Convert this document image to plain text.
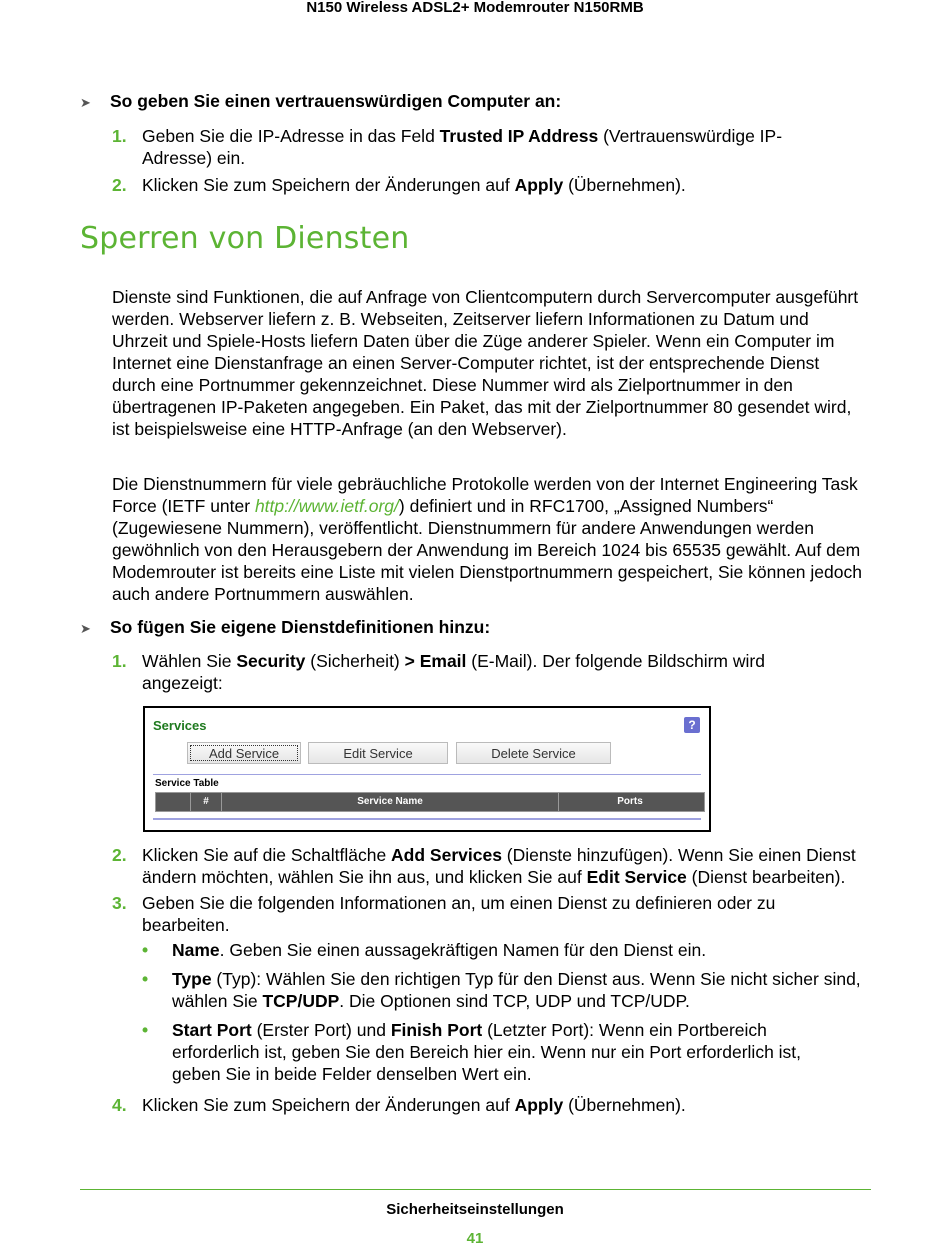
N150 Wireless ADSL2+ Modemrouter N150RMB
➤ So geben Sie einen vertrauenswürdigen Computer an:
1. Geben Sie die IP-Adresse in das Feld Trusted IP Address (Vertrauenswürdige IP-Adresse) ein.
2. Klicken Sie zum Speichern der Änderungen auf Apply (Übernehmen).
Sperren von Diensten
Dienste sind Funktionen, die auf Anfrage von Clientcomputern durch Servercomputer ausgeführt werden. Webserver liefern z. B. Webseiten, Zeitserver liefern Informationen zu Datum und Uhrzeit und Spiele-Hosts liefern Daten über die Züge anderer Spieler. Wenn ein Computer im Internet eine Dienstanfrage an einen Server-Computer richtet, ist der entsprechende Dienst durch eine Portnummer gekennzeichnet. Diese Nummer wird als Zielportnummer in den übertragenen IP-Paketen angegeben. Ein Paket, das mit der Zielportnummer 80 gesendet wird, ist beispielsweise eine HTTP-Anfrage (an den Webserver).
Die Dienstnummern für viele gebräuchliche Protokolle werden von der Internet Engineering Task Force (IETF unter http://www.ietf.org/) definiert und in RFC1700, „Assigned Numbers“ (Zugewiesene Nummern), veröffentlicht. Dienstnummern für andere Anwendungen werden gewöhnlich von den Herausgebern der Anwendung im Bereich 1024 bis 65535 gewählt. Auf dem Modemrouter ist bereits eine Liste mit vielen Dienstportnummern gespeichert, Sie können jedoch auch andere Portnummern auswählen.
➤ So fügen Sie eigene Dienstdefinitionen hinzu:
1. Wählen Sie Security (Sicherheit) > Email (E-Mail). Der folgende Bildschirm wird angezeigt:
Services	?
Add Service	Edit Service	Delete Service
Service Table
#	Service Name	Ports
2. Klicken Sie auf die Schaltfläche Add Services (Dienste hinzufügen). Wenn Sie einen Dienst ändern möchten, wählen Sie ihn aus, und klicken Sie auf Edit Service (Dienst bearbeiten).
3. Geben Sie die folgenden Informationen an, um einen Dienst zu definieren oder zu bearbeiten.
• Name. Geben Sie einen aussagekräftigen Namen für den Dienst ein.
• Type (Typ): Wählen Sie den richtigen Typ für den Dienst aus. Wenn Sie nicht sicher sind, wählen Sie TCP/UDP. Die Optionen sind TCP, UDP und TCP/UDP.
• Start Port (Erster Port) und Finish Port (Letzter Port): Wenn ein Portbereich erforderlich ist, geben Sie den Bereich hier ein. Wenn nur ein Port erforderlich ist, geben Sie in beide Felder denselben Wert ein.
4. Klicken Sie zum Speichern der Änderungen auf Apply (Übernehmen).
Sicherheitseinstellungen
41
